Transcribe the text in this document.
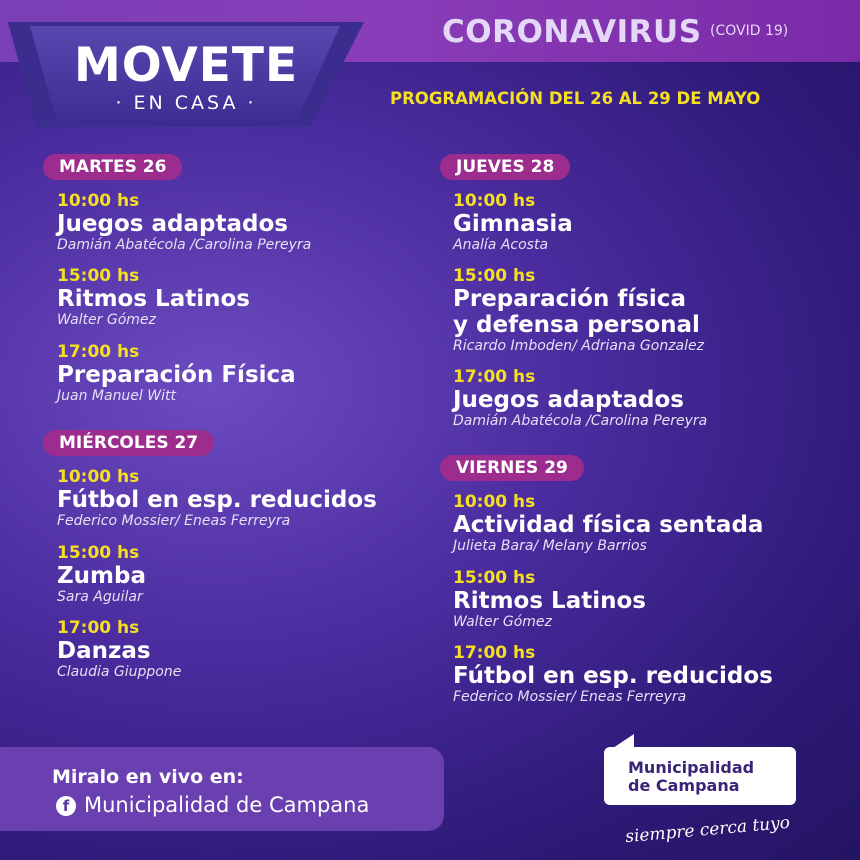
MOVETE
· EN CASA ·
CORONAVIRUS (COVID 19)
PROGRAMACIÓN DEL 26 AL 29 DE MAYO
MARTES 26
10:00 hs
Juegos adaptados
Damián Abatécola /Carolina Pereyra
15:00 hs
Ritmos Latinos
Walter Gómez
17:00 hs
Preparación Física
Juan Manuel Witt
MIÉRCOLES 27
10:00 hs
Fútbol en esp. reducidos
Federico Mossier/ Eneas Ferreyra
15:00 hs
Zumba
Sara Aguilar
17:00 hs
Danzas
Claudia Giuppone
JUEVES 28
10:00 hs
Gimnasia
Analía Acosta
15:00 hs
Preparación física
y defensa personal
Ricardo Imboden/ Adriana Gonzalez
17:00 hs
Juegos adaptados
Damián Abatécola /Carolina Pereyra
VIERNES 29
10:00 hs
Actividad física sentada
Julieta Bara/ Melany Barrios
15:00 hs
Ritmos Latinos
Walter Gómez
17:00 hs
Fútbol en esp. reducidos
Federico Mossier/ Eneas Ferreyra
Miralo en vivo en:
f Municipalidad de Campana
Municipalidad
de Campana
siempre cerca tuyo
